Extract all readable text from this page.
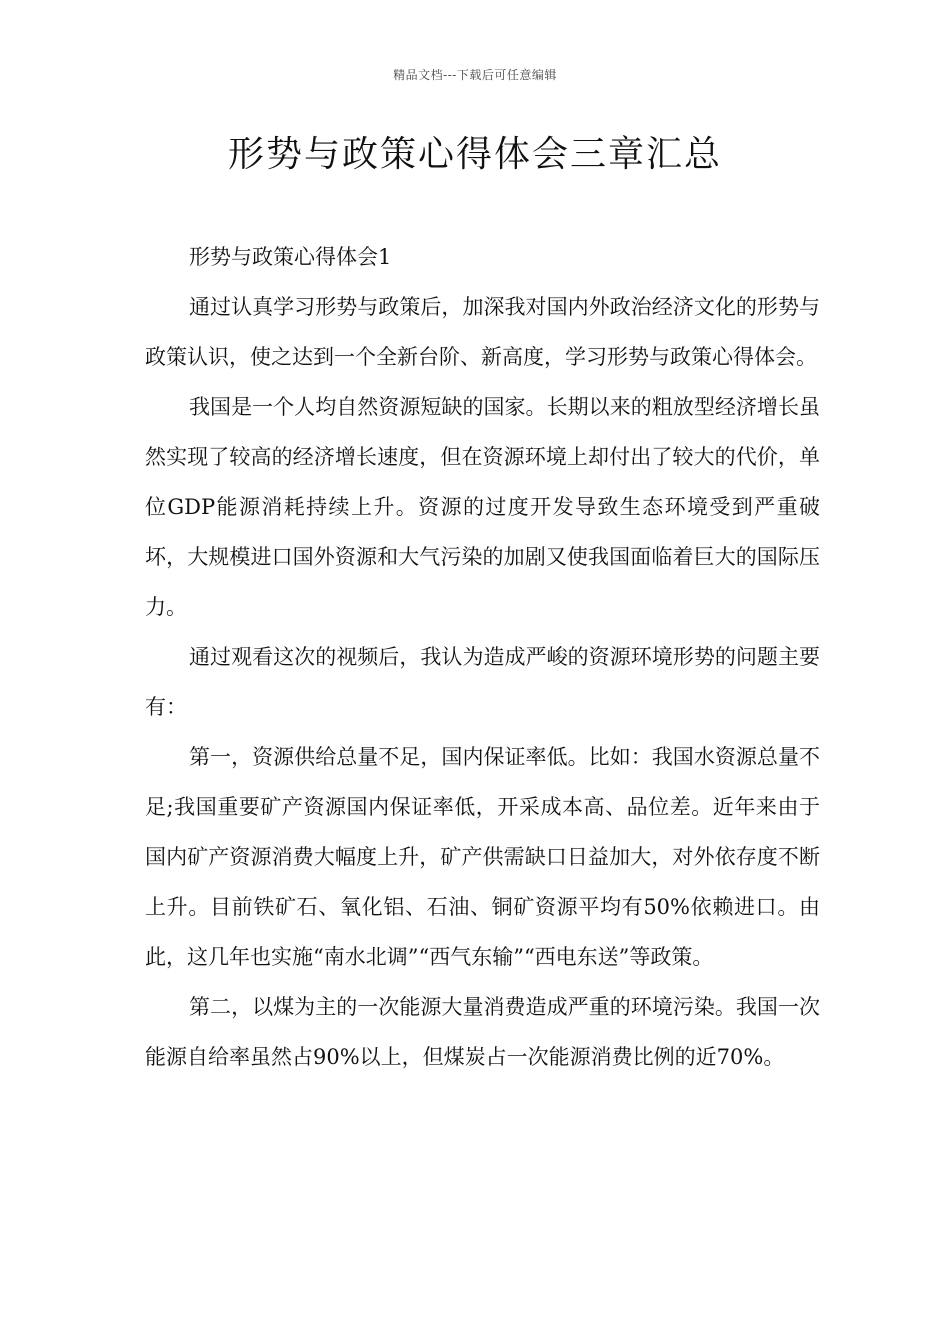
精品文档---下载后可任意编辑
形势与政策心得体会三章汇总

形势与政策心得体会1

通过认真学习形势与政策后，加深我对国内外政治经济文化的形势与政策认识，使之达到一个全新台阶、新高度，学习形势与政策心得体会。

我国是一个人均自然资源短缺的国家。长期以来的粗放型经济增长虽然实现了较高的经济增长速度，但在资源环境上却付出了较大的代价，单位GDP能源消耗持续上升。资源的过度开发导致生态环境受到严重破坏，大规模进口国外资源和大气污染的加剧又使我国面临着巨大的国际压力。

通过观看这次的视频后，我认为造成严峻的资源环境形势的问题主要有：

第一，资源供给总量不足，国内保证率低。比如：我国水资源总量不足;我国重要矿产资源国内保证率低，开采成本高、品位差。近年来由于国内矿产资源消费大幅度上升，矿产供需缺口日益加大，对外依存度不断上升。目前铁矿石、氧化铝、石油、铜矿资源平均有50%依赖进口。由此，这几年也实施“南水北调”“西气东输”“西电东送”等政策。

第二，以煤为主的一次能源大量消费造成严重的环境污染。我国一次能源自给率虽然占90%以上，但煤炭占一次能源消费比例的近70%。
